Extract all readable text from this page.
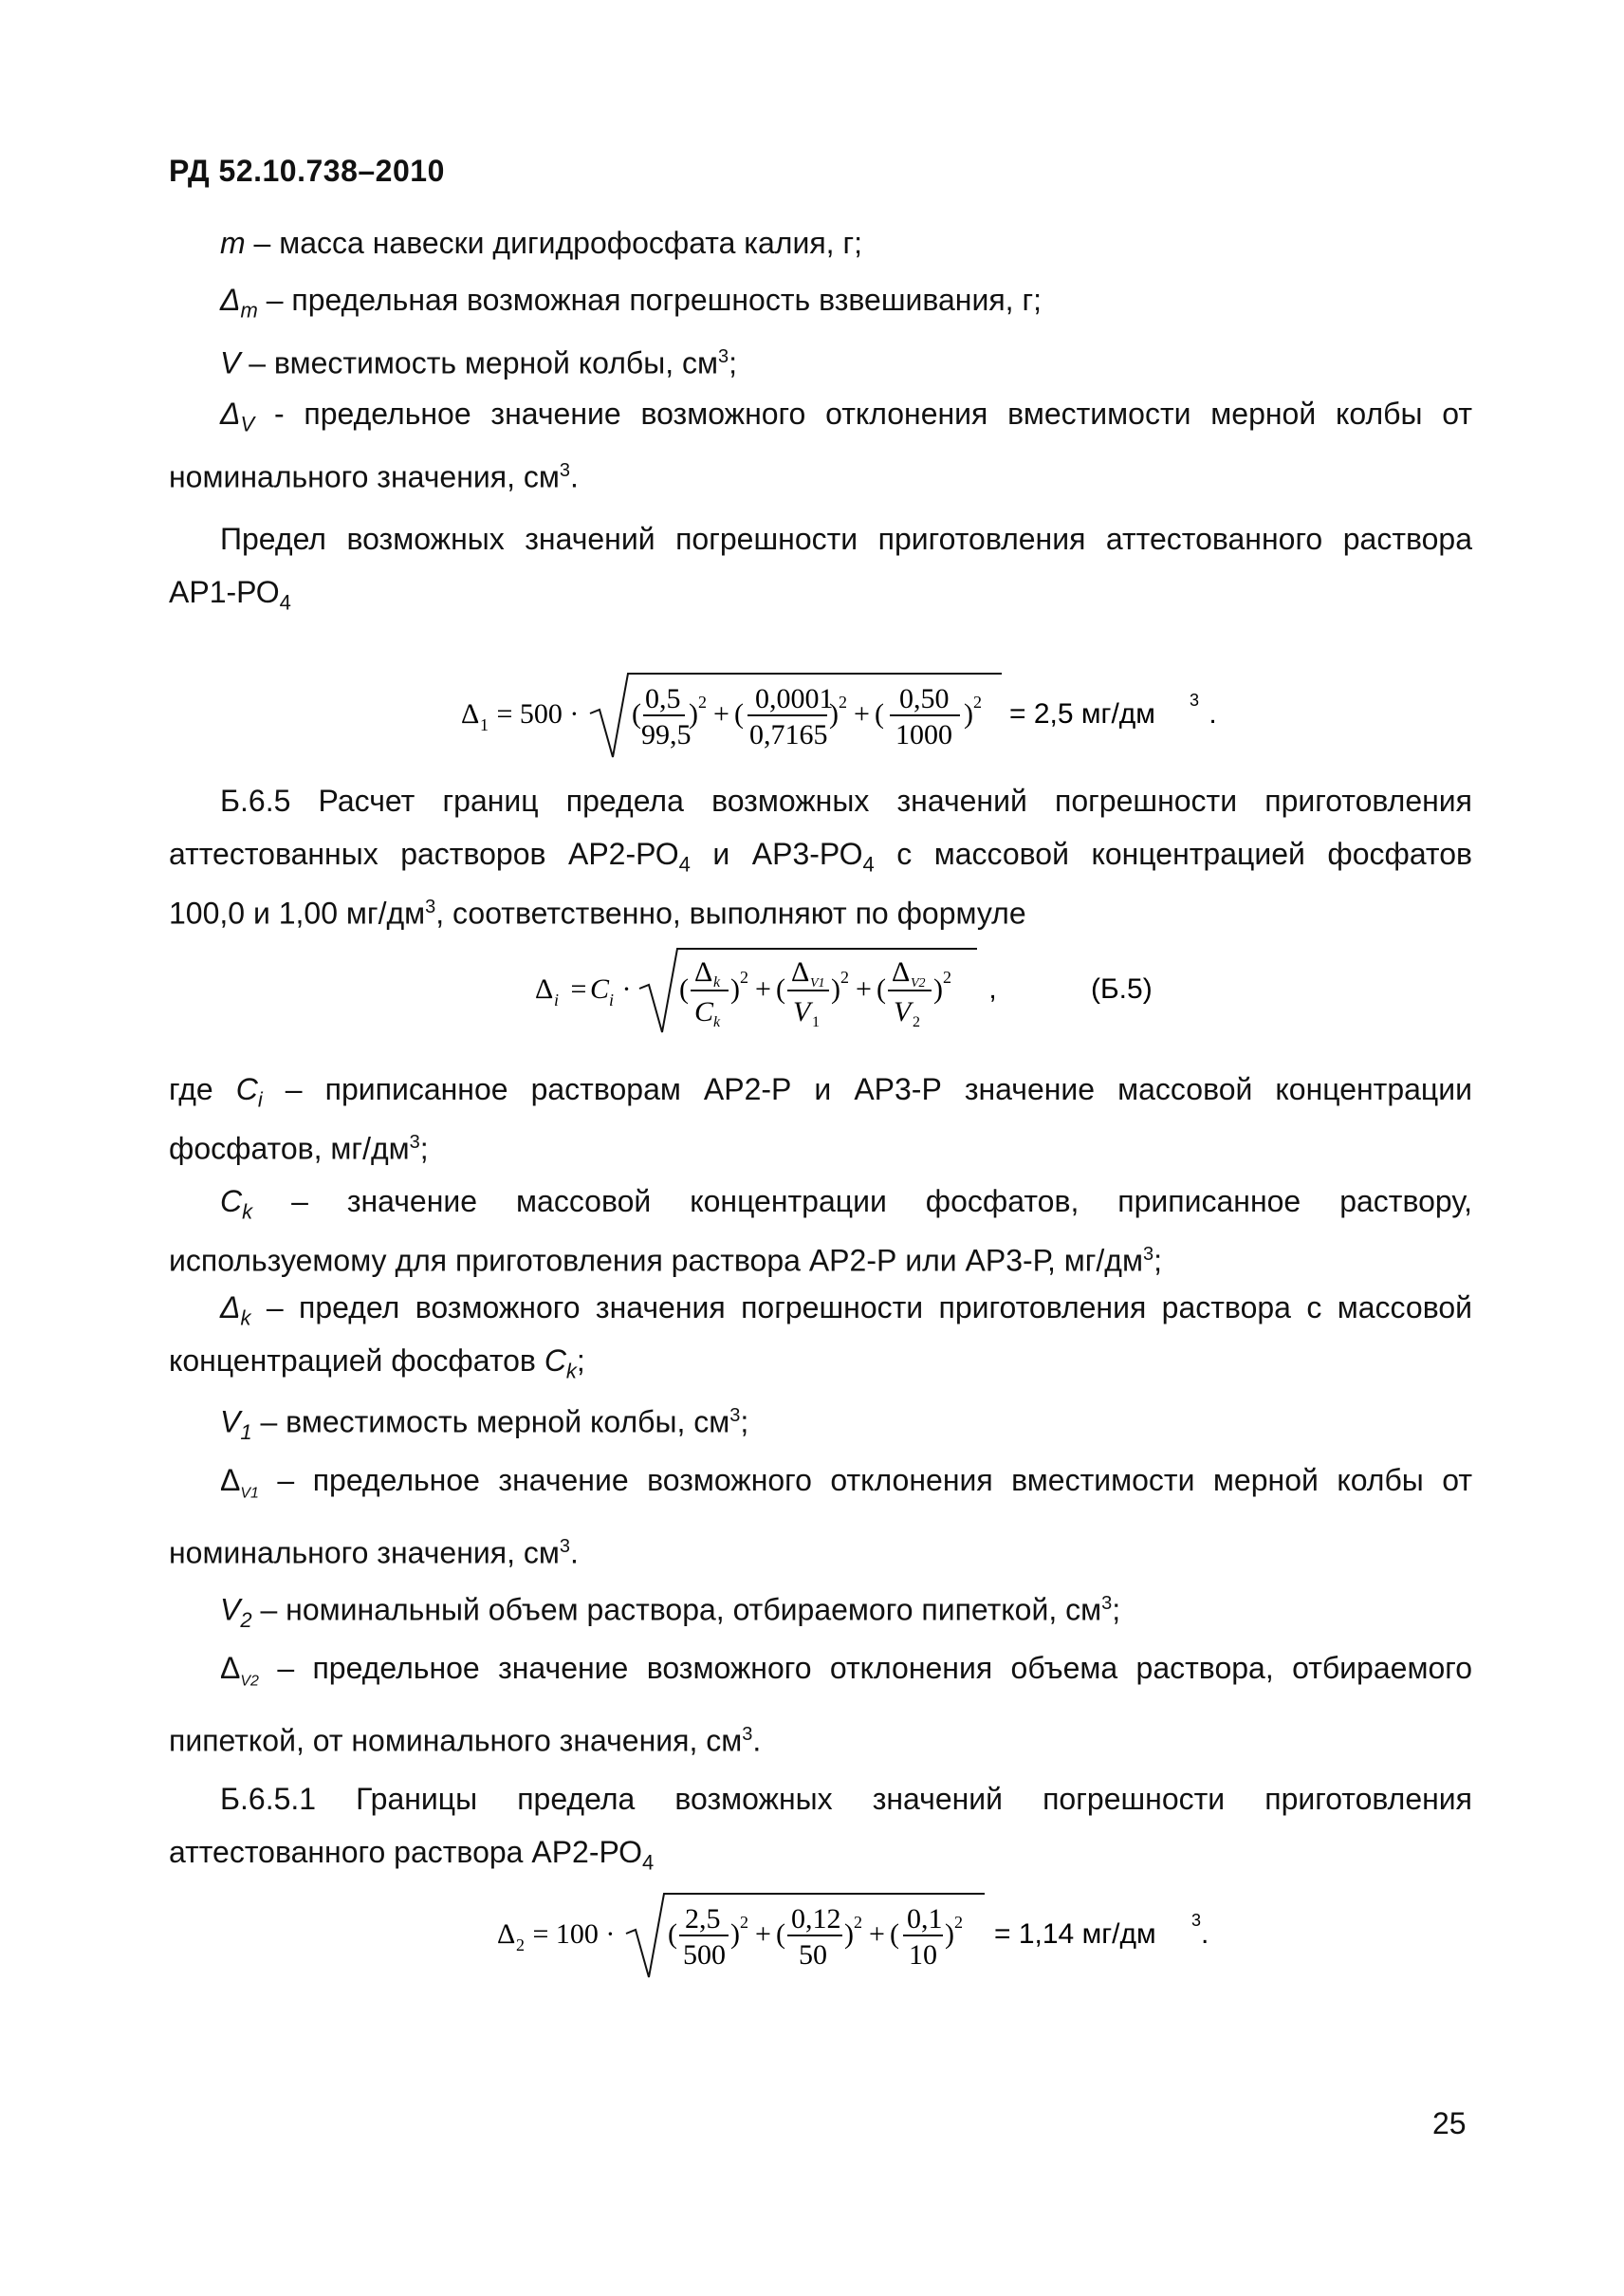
РД 52.10.738–2010
m – масса навески дигидрофосфата калия, г;
$\Delta_m$ – предельная возможная погрешность взвешивания, г;
V – вместимость мерной колбы, $см^3$;
$\Delta_V$ - предельное значение возможного отклонения вместимости мерной колбы от
номинального значения, $см^3$.
Предел возможных значений погрешности приготовления аттестованного раствора
$АР1-РО_4$
Δ 1 = 500 · ( 0,5
99,5
) 2 + ( 0,0001
0,7165
) 2 + ( 0,50
1000
) 2 = 2,5 мг/дм 3 .
Б.6.5 Расчет границ предела возможных значений погрешности приготовления
аттестованных растворов $АР2-РО_4$ и $АР3-РО_4$ с массовой концентрацией фосфатов
100,0 и 1,00 $мг/дм^3$, соответственно, выполняют по формуле
Δ i =
C i · (
Δ k
C k
) 2 + (
Δ V1
V 1
) 2 + (
Δ V2
V 2
) 2 ,	(Б.5)
где $C_i$ – приписанное растворам АР2-Р и АР3-Р значение массовой концентрации
фосфатов, $мг/дм^3$;
$C_k$ – значение массовой концентрации фосфатов, приписанное раствору,
используемому для приготовления раствора АР2-Р или АР3-Р, $мг/дм^3$;
$\Delta_k$ – предел возможного значения погрешности приготовления раствора с массовой
концентрацией фосфатов $C_k$;
$V_1$ – вместимость мерной колбы, $см^3$;
$\Delta_{V1}$ – предельное значение возможного отклонения вместимости мерной колбы от
номинального значения, $см^3$.
$V_2$ – номинальный объем раствора, отбираемого пипеткой, $см^3$;
$\Delta_{V2}$ – предельное значение возможного отклонения объема раствора, отбираемого
пипеткой, от номинального значения, $см^3$.
Б.6.5.1 Границы предела возможных значений погрешности приготовления
аттестованного раствора $АР2-РО_4$
Δ 2 = 100 · ( 2,5
500
) 2 + ( 0,12
50
) 2 + ( 0,1
10
) 2 = 1,14 мг/дм 3 .
25
